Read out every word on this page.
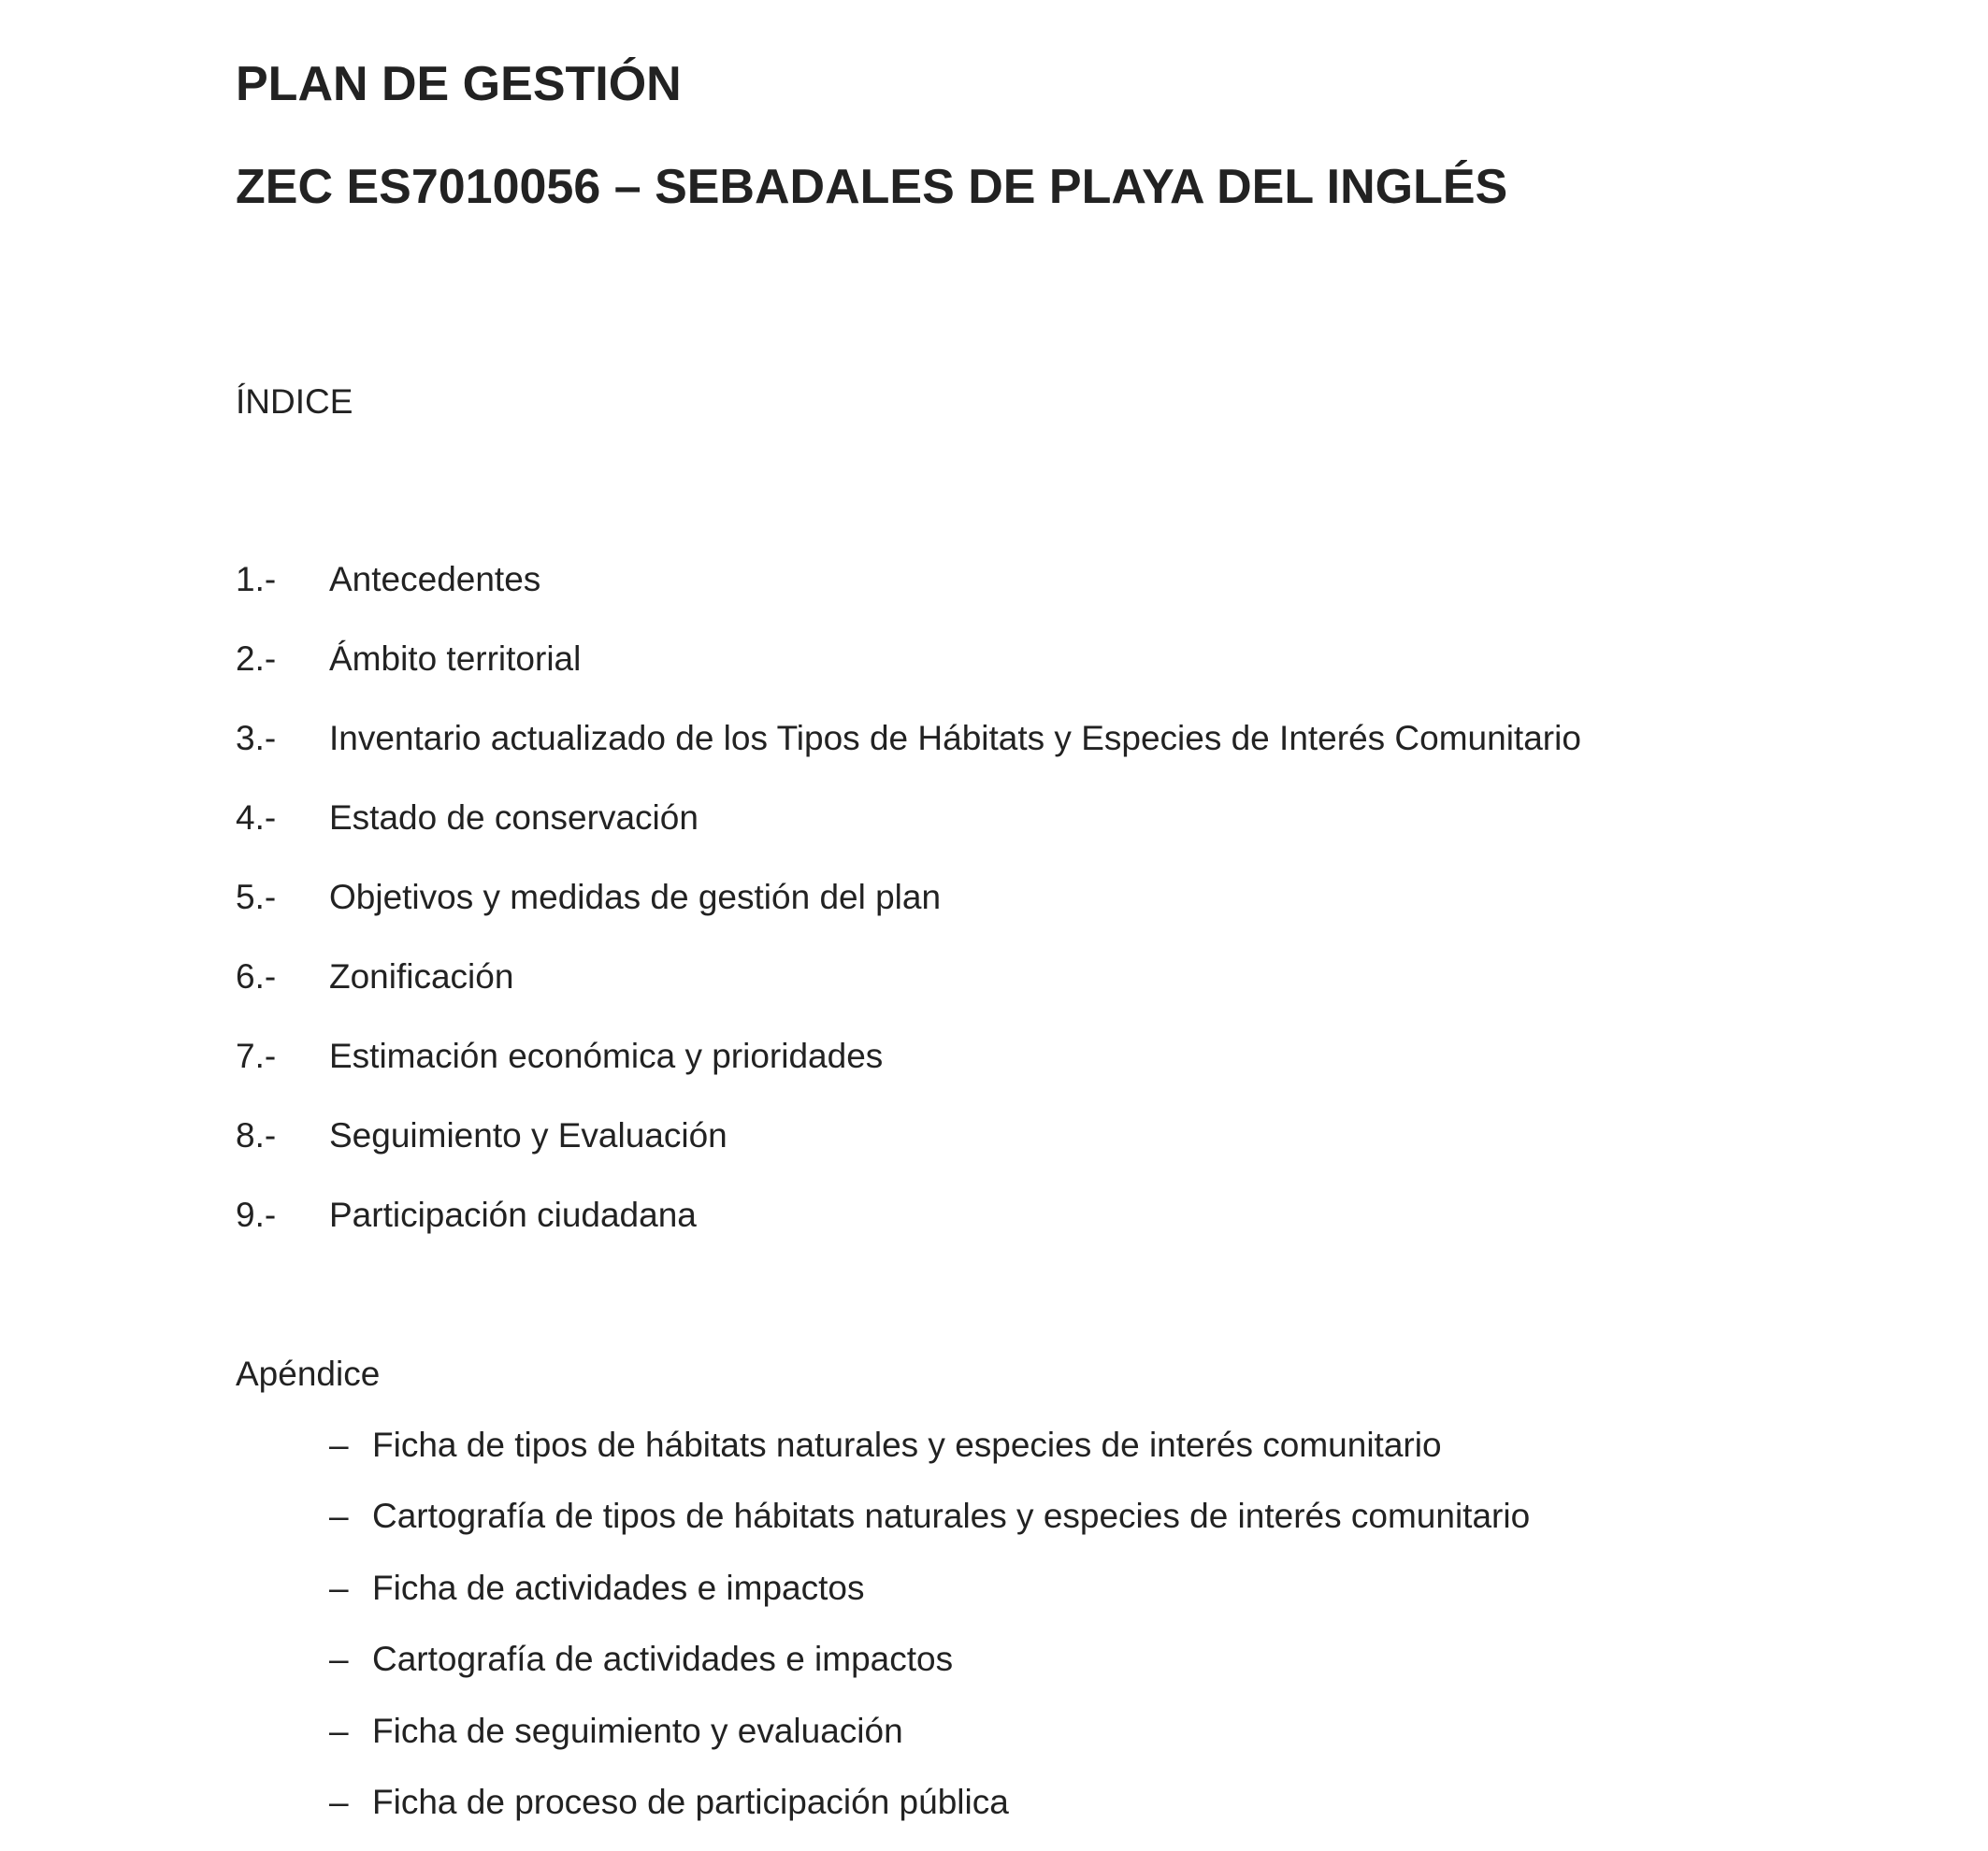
PLAN DE GESTIÓN
ZEC ES7010056 – SEBADALES DE PLAYA DEL INGLÉS
ÍNDICE
1.-	Antecedentes
2.-	Ámbito territorial
3.-	Inventario actualizado de los Tipos de Hábitats y Especies de Interés Comunitario
4.-	Estado de conservación
5.-	Objetivos y medidas de gestión del plan
6.-	Zonificación
7.-	Estimación económica y prioridades
8.-	Seguimiento y Evaluación
9.-	Participación ciudadana
Apéndice
– Ficha de tipos de hábitats naturales y especies de interés comunitario
– Cartografía de tipos de hábitats naturales y especies de interés comunitario
– Ficha de actividades e impactos
– Cartografía de actividades e impactos
– Ficha de seguimiento y evaluación
– Ficha de proceso de participación pública
